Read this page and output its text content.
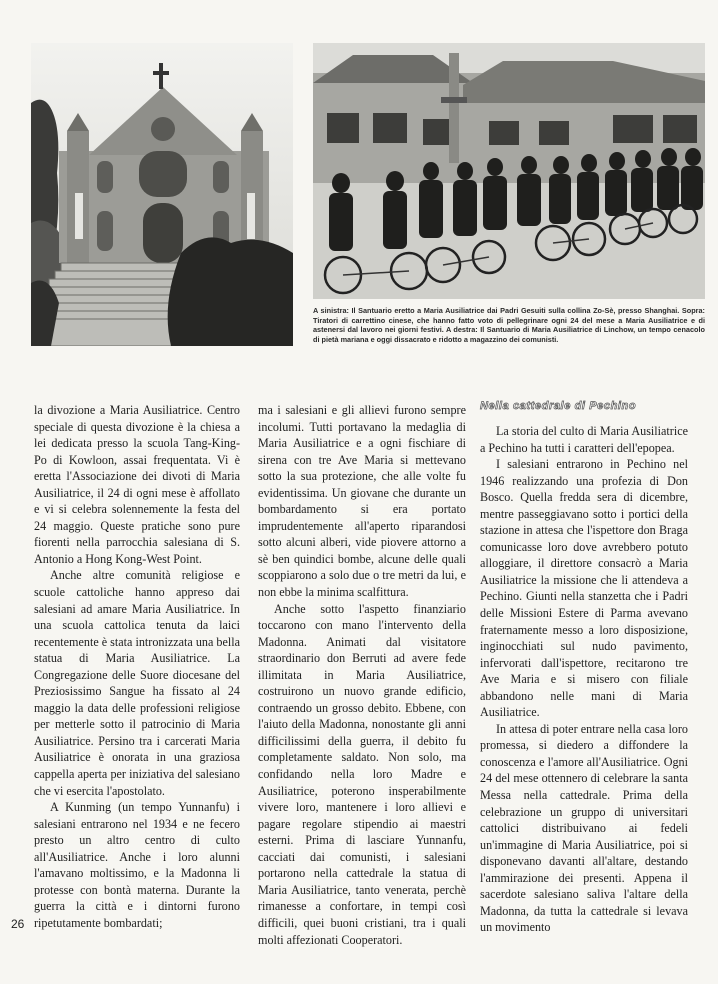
A sinistra: Il Santuario eretto a Maria Ausiliatrice dai Padri Gesuiti sulla collina Zo-Sè, presso Shanghai. Sopra: Tiratori di carrettino cinese, che hanno fatto voto di pellegrinare ogni 24 del mese a Maria Ausiliatrice e di astenersi dal lavoro nei giorni festivi. A destra: Il Santuario di Maria Ausiliatrice di Linchow, un tempo cenacolo di pietà mariana e oggi dissacrato e ridotto a magazzino dei comunisti.

la divozione a Maria Ausiliatrice. Centro speciale di questa divozione è la chiesa a lei dedicata presso la scuola Tang-King-Po di Kowloon, assai frequentata. Vi è eretta l'Associazione dei divoti di Maria Ausiliatrice, il 24 di ogni mese è affollato e vi si celebra solennemente la festa del 24 maggio. Queste pratiche sono pure fiorenti nella parrocchia salesiana di S. Antonio a Hong Kong-West Point.

Anche altre comunità religiose e scuole cattoliche hanno appreso dai salesiani ad amare Maria Ausiliatrice. In una scuola cattolica tenuta da laici recentemente è stata intronizzata una bella statua di Maria Ausiliatrice. La Congregazione delle Suore diocesane del Preziosissimo Sangue ha fissato al 24 maggio la data delle professioni religiose per metterle sotto il patrocinio di Maria Ausiliatrice. Persino tra i carcerati Maria Ausiliatrice è onorata in una graziosa cappella aperta per iniziativa del salesiano che vi esercita l'apostolato.

A Kunming (un tempo Yunnanfu) i salesiani entrarono nel 1934 e ne fecero presto un altro centro di culto all'Ausiliatrice. Anche i loro alunni l'amavano moltissimo, e la Madonna li protesse con bontà materna. Durante la guerra la città e i dintorni furono ripetutamente bombardati;

ma i salesiani e gli allievi furono sempre incolumi. Tutti portavano la medaglia di Maria Ausiliatrice e a ogni fischiare di sirena con tre Ave Maria si mettevano sotto la sua protezione, che alle volte fu evidentissima. Un giovane che durante un bombardamento si era portato imprudentemente all'aperto riparandosi sotto alcuni alberi, vide piovere attorno a sè ben quindici bombe, alcune delle quali scoppiarono a solo due o tre metri da lui, e non ebbe la minima scalfittura.

Anche sotto l'aspetto finanziario toccarono con mano l'intervento della Madonna. Animati dal visitatore straordinario don Berruti ad avere fede illimitata in Maria Ausiliatrice, costruirono un nuovo grande edificio, contraendo un grosso debito. Ebbene, con l'aiuto della Madonna, nonostante gli anni difficilissimi della guerra, il debito fu completamente saldato. Non solo, ma confidando nella loro Madre e Ausiliatrice, poterono insperabilmente vivere loro, mantenere i loro allievi e pagare regolare stipendio ai maestri esterni. Prima di lasciare Yunnanfu, cacciati dai comunisti, i salesiani portarono nella cattedrale la statua di Maria Ausiliatrice, tanto venerata, perchè rimanesse a confortare, in tempi così difficili, quei buoni cristiani, tra i quali molti affezionati Cooperatori.

Nella cattedrale di Pechino

La storia del culto di Maria Ausiliatrice a Pechino ha tutti i caratteri dell'epopea.

I salesiani entrarono in Pechino nel 1946 realizzando una profezia di Don Bosco. Quella fredda sera di dicembre, mentre passeggiavano sotto i portici della stazione in attesa che l'ispettore don Braga comunicasse loro dove avrebbero potuto alloggiare, il direttore consacrò a Maria Ausiliatrice la missione che li attendeva a Pechino. Giunti nella stanzetta che i Padri delle Missioni Estere di Parma avevano fraternamente messo a loro disposizione, inginocchiati sul nudo pavimento, infervorati dall'ispettore, recitarono tre Ave Maria e si misero con filiale abbandono nelle mani di Maria Ausiliatrice.

In attesa di poter entrare nella casa loro promessa, si diedero a diffondere la conoscenza e l'amore all'Ausiliatrice. Ogni 24 del mese ottennero di celebrare la santa Messa nella cattedrale. Prima della celebrazione un gruppo di universitari cattolici distribuivano ai fedeli un'immagine di Maria Ausiliatrice, poi si disponevano davanti all'altare, destando l'ammirazione dei presenti. Appena il sacerdote salesiano saliva l'altare della Madonna, da tutta la cattedrale si levava un movimento

26
